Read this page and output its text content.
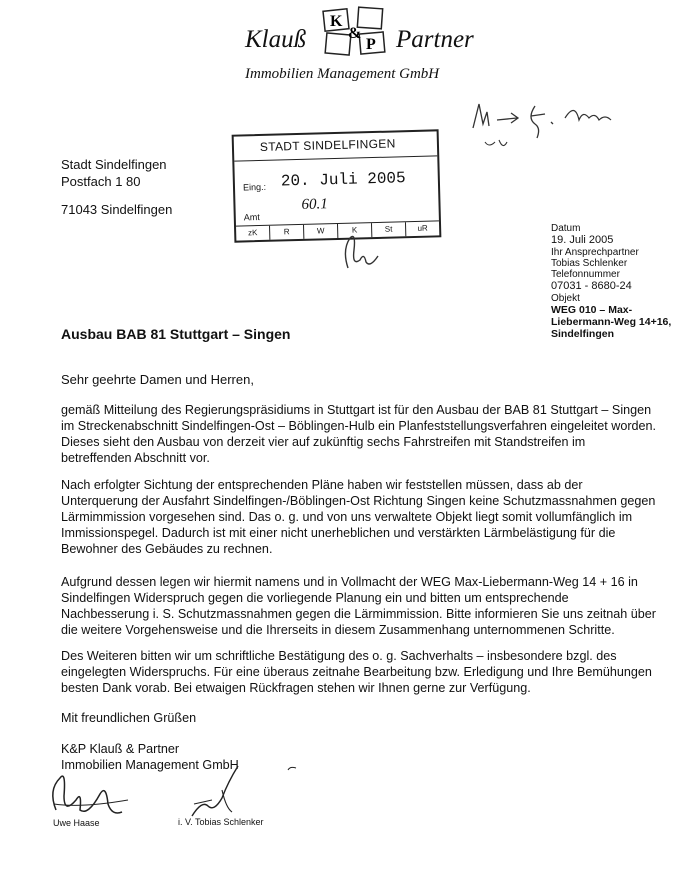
Klauß
K
&
P Partner
Immobilien Management GmbH
Stadt Sindelfingen
Postfach 1 80
71043 Sindelfingen
STADT SINDELFINGEN
Eing.: 20. Juli 2005
Amt
60.1
zK	R	W	K	St	uR	Datum
19. Juli 2005
Ihr Ansprechpartner
Tobias Schlenker
Telefonnummer
07031 - 8680-24
Objekt
WEG 010 – Max-
Liebermann-Weg 14+16,
Sindelfingen
Ausbau BAB 81 Stuttgart – Singen
Sehr geehrte Damen und Herren,

gemäß Mitteilung des Regierungspräsidiums in Stuttgart ist für den Ausbau der BAB 81 Stuttgart – Singen im Streckenabschnitt Sindelfingen-Ost – Böblingen-Hulb ein Planfeststellungsverfahren eingeleitet worden. Dieses sieht den Ausbau von derzeit vier auf zukünftig sechs Fahrstreifen mit Standstreifen im betreffenden Abschnitt vor.

Nach erfolgter Sichtung der entsprechenden Pläne haben wir feststellen müssen, dass ab der Unterquerung der Ausfahrt Sindelfingen-/Böblingen-Ost Richtung Singen keine Schutzmassnahmen gegen Lärmimmission vorgesehen sind. Das o. g. und von uns verwaltete Objekt liegt somit vollumfänglich im Immissionspegel. Dadurch ist mit einer nicht unerheblichen und verstärkten Lärmbelästigung für die Bewohner des Gebäudes zu rechnen.

Aufgrund dessen legen wir hiermit namens und in Vollmacht der WEG Max-Liebermann-Weg 14 + 16 in Sindelfingen Widerspruch gegen die vorliegende Planung ein und bitten um entsprechende Nachbesserung i. S. Schutzmassnahmen gegen die Lärmimmission. Bitte informieren Sie uns zeitnah über die weitere Vorgehensweise und die Ihrerseits in diesem Zusammenhang unternommenen Schritte.

Des Weiteren bitten wir um schriftliche Bestätigung des o. g. Sachverhalts – insbesondere bzgl. des eingelegten Widerspruchs. Für eine überaus zeitnahe Bearbeitung bzw. Erledigung und Ihre Bemühungen besten Dank vorab. Bei etwaigen Rückfragen stehen wir Ihnen gerne zur Verfügung.

Mit freundlichen Grüßen
K&P Klauß & Partner
Immobilien Management GmbH
Uwe Haase	i. V. Tobias Schlenker
